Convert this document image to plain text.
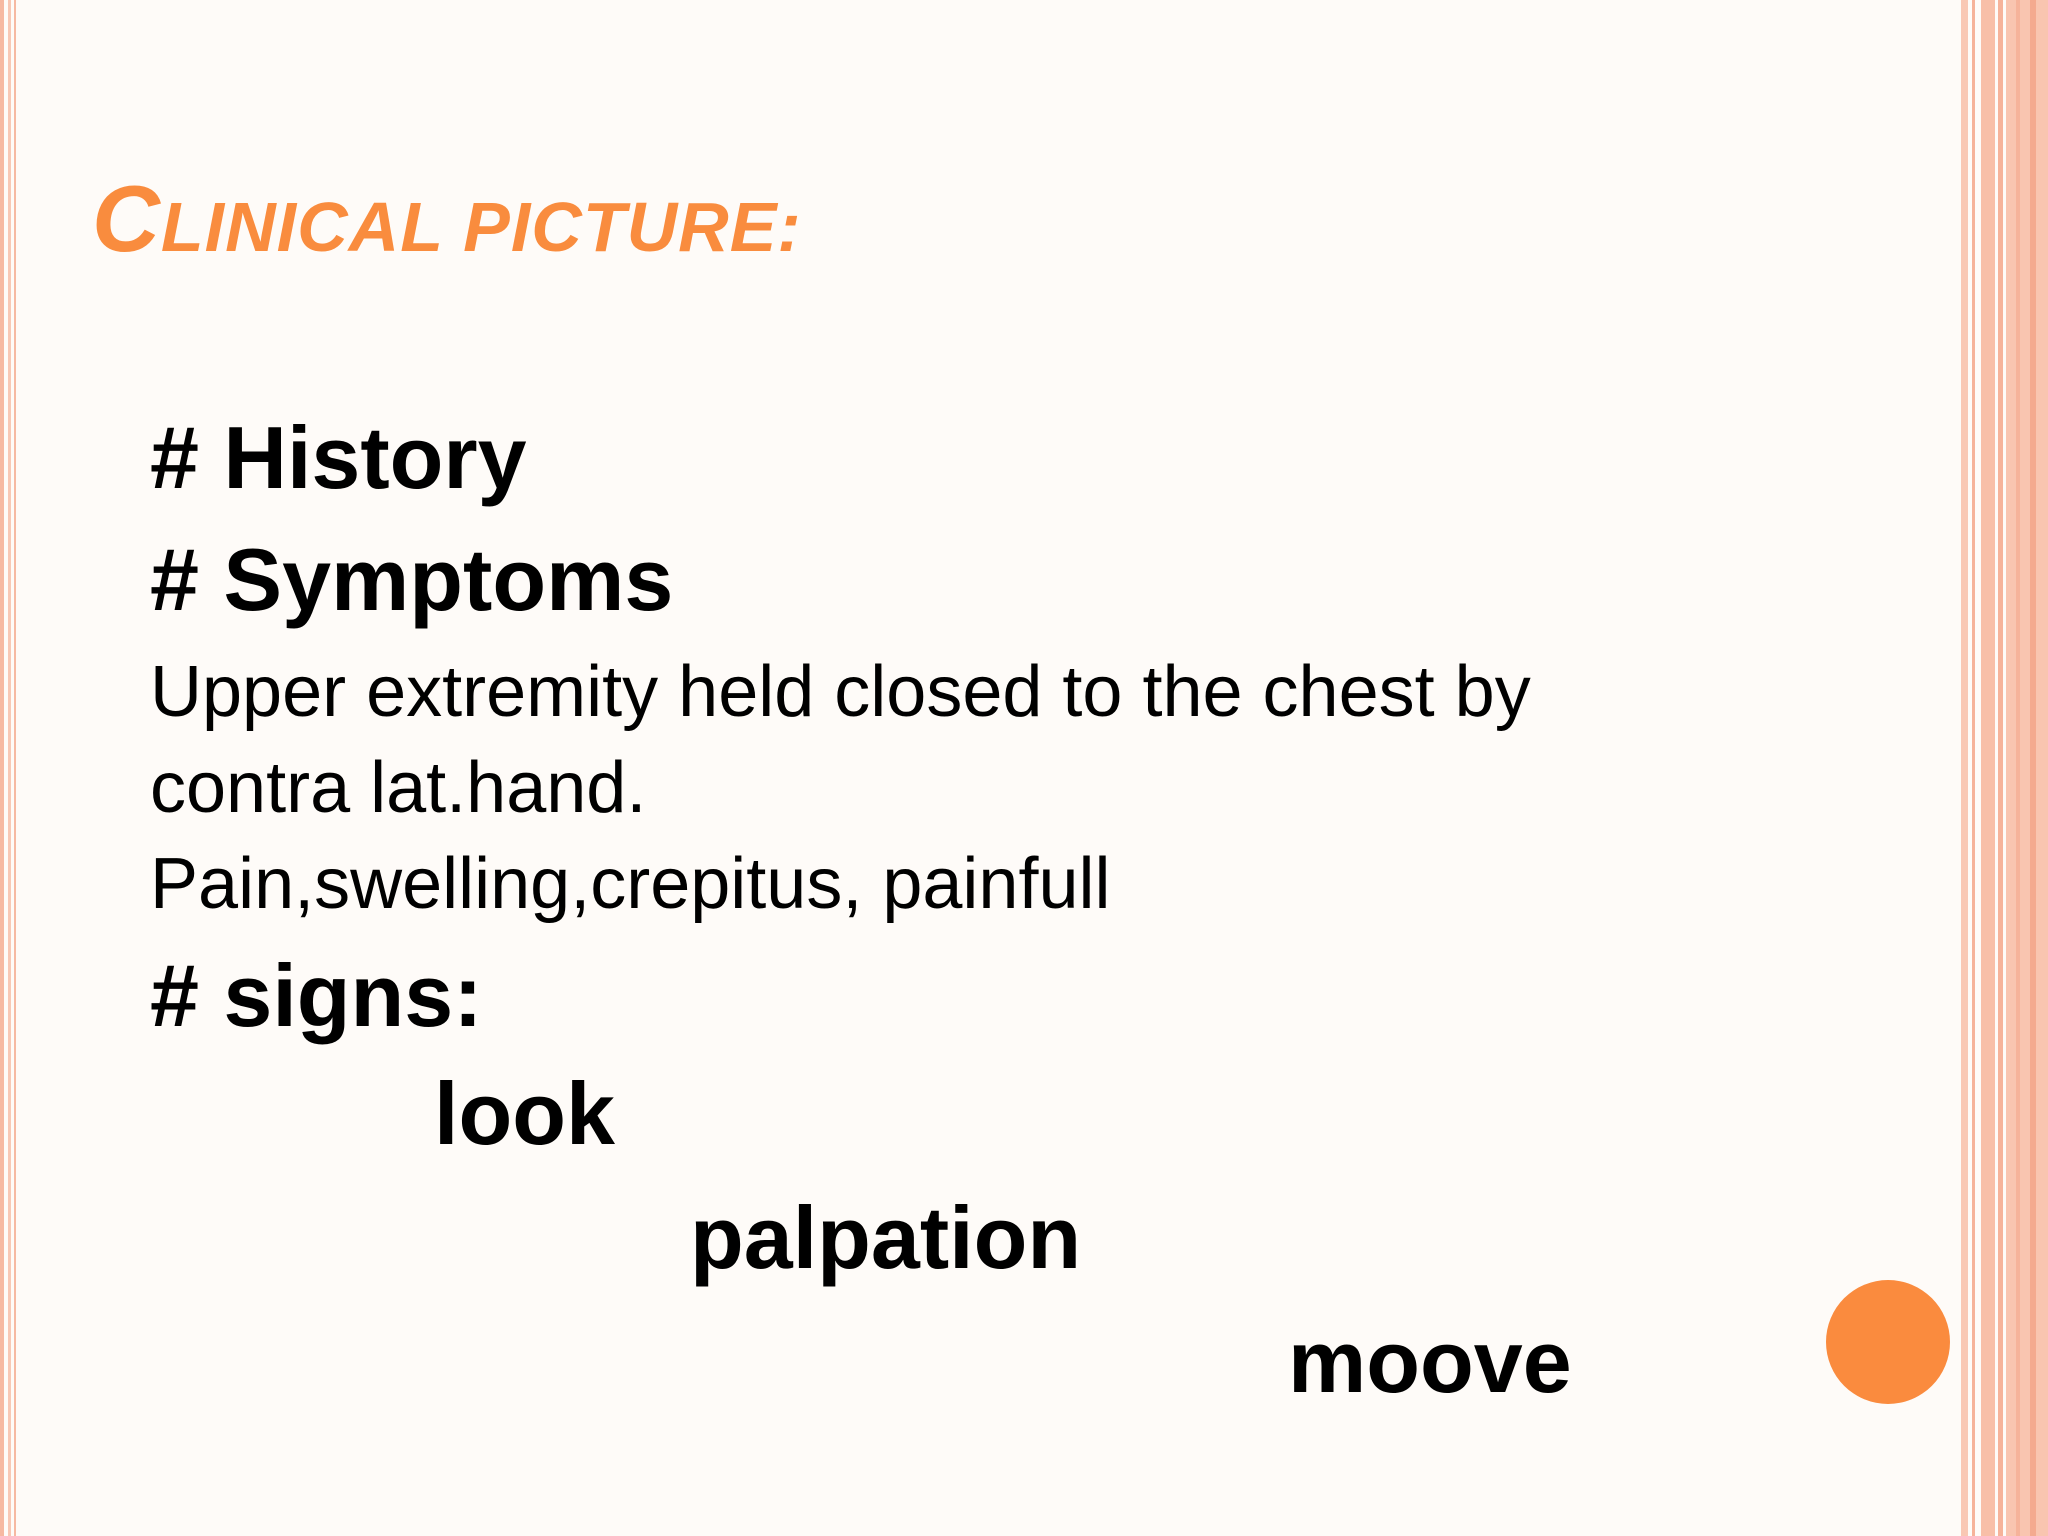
CLINICAL PICTURE:

# History

# Symptoms

Upper extremity held closed to the chest by

contra lat.hand.

Pain,swelling,crepitus, painfull

# signs:

look

palpation

moove
